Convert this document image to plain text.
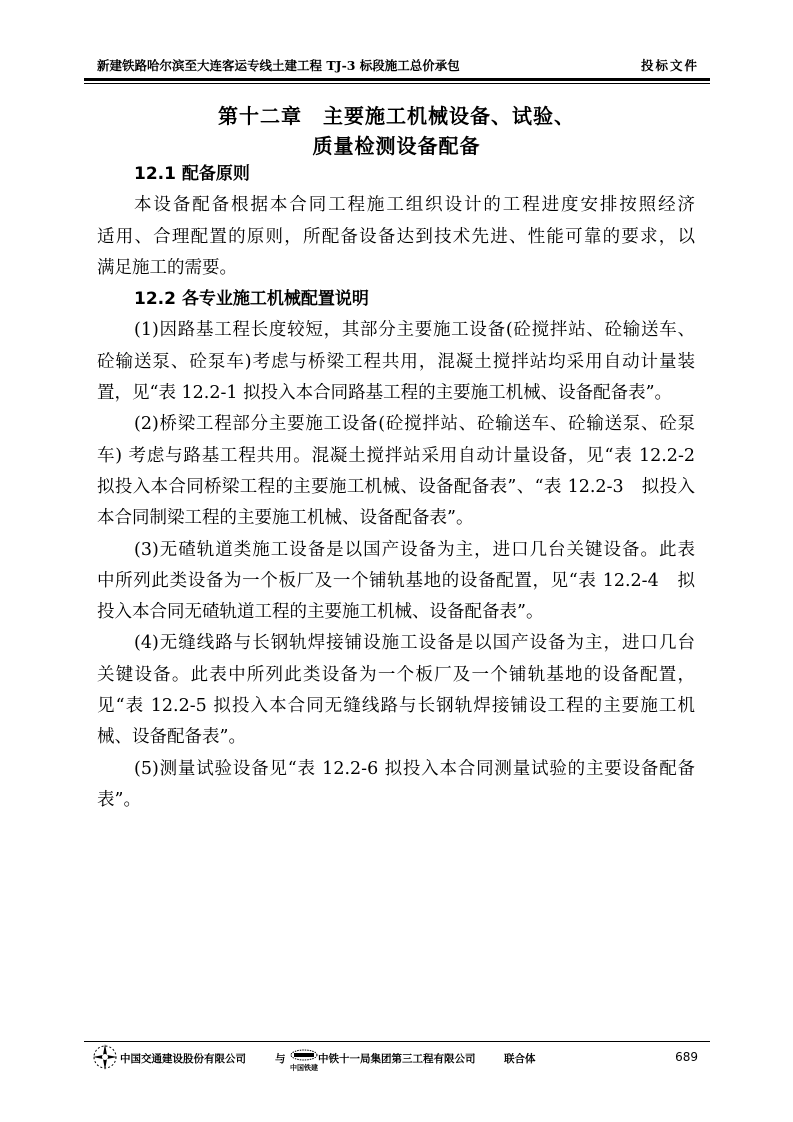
新建铁路哈尔滨至大连客运专线土建工程 TJ-3 标段施工总价承包	投标文件
第十二章　主要施工机械设备、试验、
质量检测设备配备
12.1 配备原则
本设备配备根据本合同工程施工组织设计的工程进度安排按照经济
适用、合理配置的原则，所配备设备达到技术先进、性能可靠的要求，以
满足施工的需要。
12.2 各专业施工机械配置说明
(1)因路基工程长度较短，其部分主要施工设备(砼搅拌站、砼输送车、
砼输送泵、砼泵车)考虑与桥梁工程共用，混凝土搅拌站均采用自动计量装
置，见“表 12.2-1 拟投入本合同路基工程的主要施工机械、设备配备表”。
(2)桥梁工程部分主要施工设备(砼搅拌站、砼输送车、砼输送泵、砼泵
车) 考虑与路基工程共用。混凝土搅拌站采用自动计量设备，见“表 12.2-2
拟投入本合同桥梁工程的主要施工机械、设备配备表”、“表 12.2-3　拟投入
本合同制梁工程的主要施工机械、设备配备表”。
(3)无碴轨道类施工设备是以国产设备为主，进口几台关键设备。此表
中所列此类设备为一个板厂及一个铺轨基地的设备配置，见“表 12.2-4　拟
投入本合同无碴轨道工程的主要施工机械、设备配备表”。
(4)无缝线路与长钢轨焊接铺设施工设备是以国产设备为主，进口几台
关键设备。此表中所列此类设备为一个板厂及一个铺轨基地的设备配置，
见“表 12.2-5 拟投入本合同无缝线路与长钢轨焊接铺设工程的主要施工机
械、设备配备表”。
(5)测量试验设备见“表 12.2-6 拟投入本合同测量试验的主要设备配备
表”。
中国交通建设股份有限公司	与
中国铁建
中铁十一局集团第三工程有限公司	联合体	689
